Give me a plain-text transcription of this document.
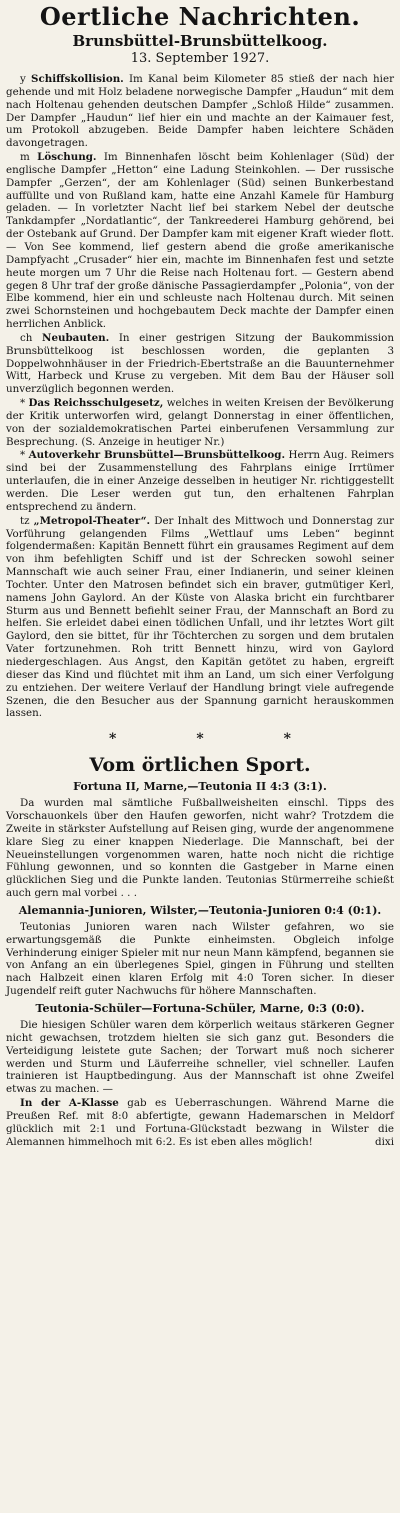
Oertliche Nachrichten.
Brunsbüttel-Brunsbüttelkoog.
13. September 1927.

y Schiffskollision. Im Kanal beim Kilometer 85 stieß der nach hier gehende und mit Holz beladene norwegische Dampfer „Haudun“ mit dem nach Holtenau gehenden deutschen Dampfer „Schloß Hilde“ zusammen. Der Dampfer „Haudun“ lief hier ein und machte an der Kaimauer fest, um Protokoll abzugeben. Beide Dampfer haben leichtere Schäden davongetragen.

m Löschung. Im Binnenhafen löscht beim Kohlenlager (Süd) der englische Dampfer „Hetton“ eine Ladung Steinkohlen. — Der russische Dampfer „Gerzen“, der am Kohlenlager (Süd) seinen Bunkerbestand auffüllte und von Rußland kam, hatte eine Anzahl Kamele für Hamburg geladen. — In vorletzter Nacht lief bei starkem Nebel der deutsche Tankdampfer „Nordatlantic“, der Tankreederei Hamburg gehörend, bei der Ostebank auf Grund. Der Dampfer kam mit eigener Kraft wieder flott. — Von See kommend, lief gestern abend die große amerikanische Dampfyacht „Crusader“ hier ein, machte im Binnenhafen fest und setzte heute morgen um 7 Uhr die Reise nach Holtenau fort. — Gestern abend gegen 8 Uhr traf der große dänische Passagierdampfer „Polonia“, von der Elbe kommend, hier ein und schleuste nach Holtenau durch. Mit seinen zwei Schornsteinen und hochgebautem Deck machte der Dampfer einen herrlichen Anblick.

ch Neubauten. In einer gestrigen Sitzung der Baukommission Brunsbüttelkoog ist beschlossen worden, die geplanten 3 Doppelwohnhäuser in der Friedrich-Ebertstraße an die Bauunternehmer Witt, Harbeck und Kruse zu vergeben. Mit dem Bau der Häuser soll unverzüglich begonnen werden.

* Das Reichsschulgesetz, welches in weiten Kreisen der Bevölkerung der Kritik unterworfen wird, gelangt Donnerstag in einer öffentlichen, von der sozialdemokratischen Partei einberufenen Versammlung zur Besprechung. (S. Anzeige in heutiger Nr.)

* Autoverkehr Brunsbüttel—Brunsbüttelkoog. Herrn Aug. Reimers sind bei der Zusammenstellung des Fahrplans einige Irrtümer unterlaufen, die in einer Anzeige desselben in heutiger Nr. richtiggestellt werden. Die Leser werden gut tun, den erhaltenen Fahrplan entsprechend zu ändern.

tz „Metropol-Theater“. Der Inhalt des Mittwoch und Donnerstag zur Vorführung gelangenden Films „Wettlauf ums Leben“ beginnt folgendermaßen: Kapitän Bennett führt ein grausames Regiment auf dem von ihm befehligten Schiff und ist der Schrecken sowohl seiner Mannschaft wie auch seiner Frau, einer Indianerin, und seiner kleinen Tochter. Unter den Matrosen befindet sich ein braver, gutmütiger Kerl, namens John Gaylord. An der Küste von Alaska bricht ein furchtbarer Sturm aus und Bennett befiehlt seiner Frau, der Mannschaft an Bord zu helfen. Sie erleidet dabei einen tödlichen Unfall, und ihr letztes Wort gilt Gaylord, den sie bittet, für ihr Töchterchen zu sorgen und dem brutalen Vater fortzunehmen. Roh tritt Bennett hinzu, wird von Gaylord niedergeschlagen. Aus Angst, den Kapitän getötet zu haben, ergreift dieser das Kind und flüchtet mit ihm an Land, um sich einer Verfolgung zu entziehen. Der weitere Verlauf der Handlung bringt viele aufregende Szenen, die den Besucher aus der Spannung garnicht herauskommen lassen.

*	*	*
Vom örtlichen Sport.
Fortuna II, Marne,—Teutonia II 4:3 (3:1).

Da wurden mal sämtliche Fußballweisheiten einschl. Tipps des Vorschauonkels über den Haufen geworfen, nicht wahr? Trotzdem die Zweite in stärkster Aufstellung auf Reisen ging, wurde der angenommene klare Sieg zu einer knappen Niederlage. Die Mannschaft, bei der Neueinstellungen vorgenommen waren, hatte noch nicht die richtige Fühlung gewonnen, und so konnten die Gastgeber in Marne einen glücklichen Sieg und die Punkte landen. Teutonias Stürmerreihe schießt auch gern mal vorbei . . .

Alemannia-Junioren, Wilster,—Teutonia-Junioren 0:4 (0:1).

Teutonias Junioren waren nach Wilster gefahren, wo sie erwartungsgemäß die Punkte einheimsten. Obgleich infolge Verhinderung einiger Spieler mit nur neun Mann kämpfend, begannen sie von Anfang an ein überlegenes Spiel, gingen in Führung und stellten nach Halbzeit einen klaren Erfolg mit 4:0 Toren sicher. In dieser Jugendelf reift guter Nachwuchs für höhere Mannschaften.

Teutonia-Schüler—Fortuna-Schüler, Marne, 0:3 (0:0).

Die hiesigen Schüler waren dem körperlich weitaus stärkeren Gegner nicht gewachsen, trotzdem hielten sie sich ganz gut. Besonders die Verteidigung leistete gute Sachen; der Torwart muß noch sicherer werden und Sturm und Läuferreihe schneller, viel schneller. Laufen trainieren ist Hauptbedingung. Aus der Mannschaft ist ohne Zweifel etwas zu machen. —

In der A-Klasse gab es Ueberraschungen. Während Marne die Preußen Ref. mit 8:0 abfertigte, gewann Hademarschen in Meldorf glücklich mit 2:1 und Fortuna-Glückstadt bezwang in Wilster die Alemannen himmelhoch mit 6:2. Es ist eben alles möglich!	dixi
